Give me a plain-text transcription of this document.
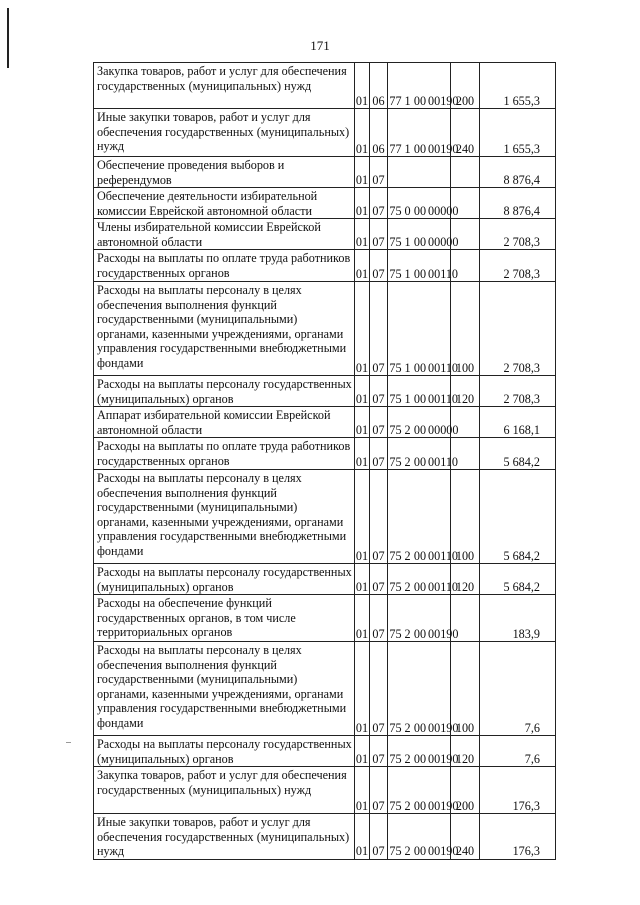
171
Закупка товаров, работ и услуг для обеспечения государственных (муниципальных) нужд	01	06	77 1 00 00190	200	1 655,3

Иные закупки товаров, работ и услуг для обеспечения государственных (муниципальных) нужд	01	06	77 1 00 00190	240	1 655,3

Обеспечение проведения выборов и референдумов	01	07			8 876,4

Обеспечение деятельности избирательной комиссии Еврейской автономной области	01	07	75 0 00 00000		8 876,4

Члены избирательной комиссии Еврейской автономной области	01	07	75 1 00 00000		2 708,3

Расходы на выплаты по оплате труда работников государственных органов	01	07	75 1 00 00110		2 708,3

Расходы на выплаты персоналу в целях обеспечения выполнения функций государственными (муниципальными) органами, казенными учреждениями, органами управления государственными внебюджетными фондами	01	07	75 1 00 00110	100	2 708,3

Расходы на выплаты персоналу государственных (муниципальных) органов	01	07	75 1 00 00110	120	2 708,3

Аппарат избирательной комиссии Еврейской автономной области	01	07	75 2 00 00000		6 168,1

Расходы на выплаты по оплате труда работников государственных органов	01	07	75 2 00 00110		5 684,2

Расходы на выплаты персоналу в целях обеспечения выполнения функций государственными (муниципальными) органами, казенными учреждениями, органами управления государственными внебюджетными фондами	01	07	75 2 00 00110	100	5 684,2

Расходы на выплаты персоналу государственных (муниципальных) органов	01	07	75 2 00 00110	120	5 684,2

Расходы на обеспечение функций государственных органов, в том числе территориальных органов	01	07	75 2 00 00190		183,9

Расходы на выплаты персоналу в целях обеспечения выполнения функций государственными (муниципальными) органами, казенными учреждениями, органами управления государственными внебюджетными фондами	01	07	75 2 00 00190	100	7,6

Расходы на выплаты персоналу государственных (муниципальных) органов	01	07	75 2 00 00190	120	7,6

Закупка товаров, работ и услуг для обеспечения государственных (муниципальных) нужд	01	07	75 2 00 00190	200	176,3

Иные закупки товаров, работ и услуг для обеспечения государственных (муниципальных) нужд	01	07	75 2 00 00190	240	176,3
